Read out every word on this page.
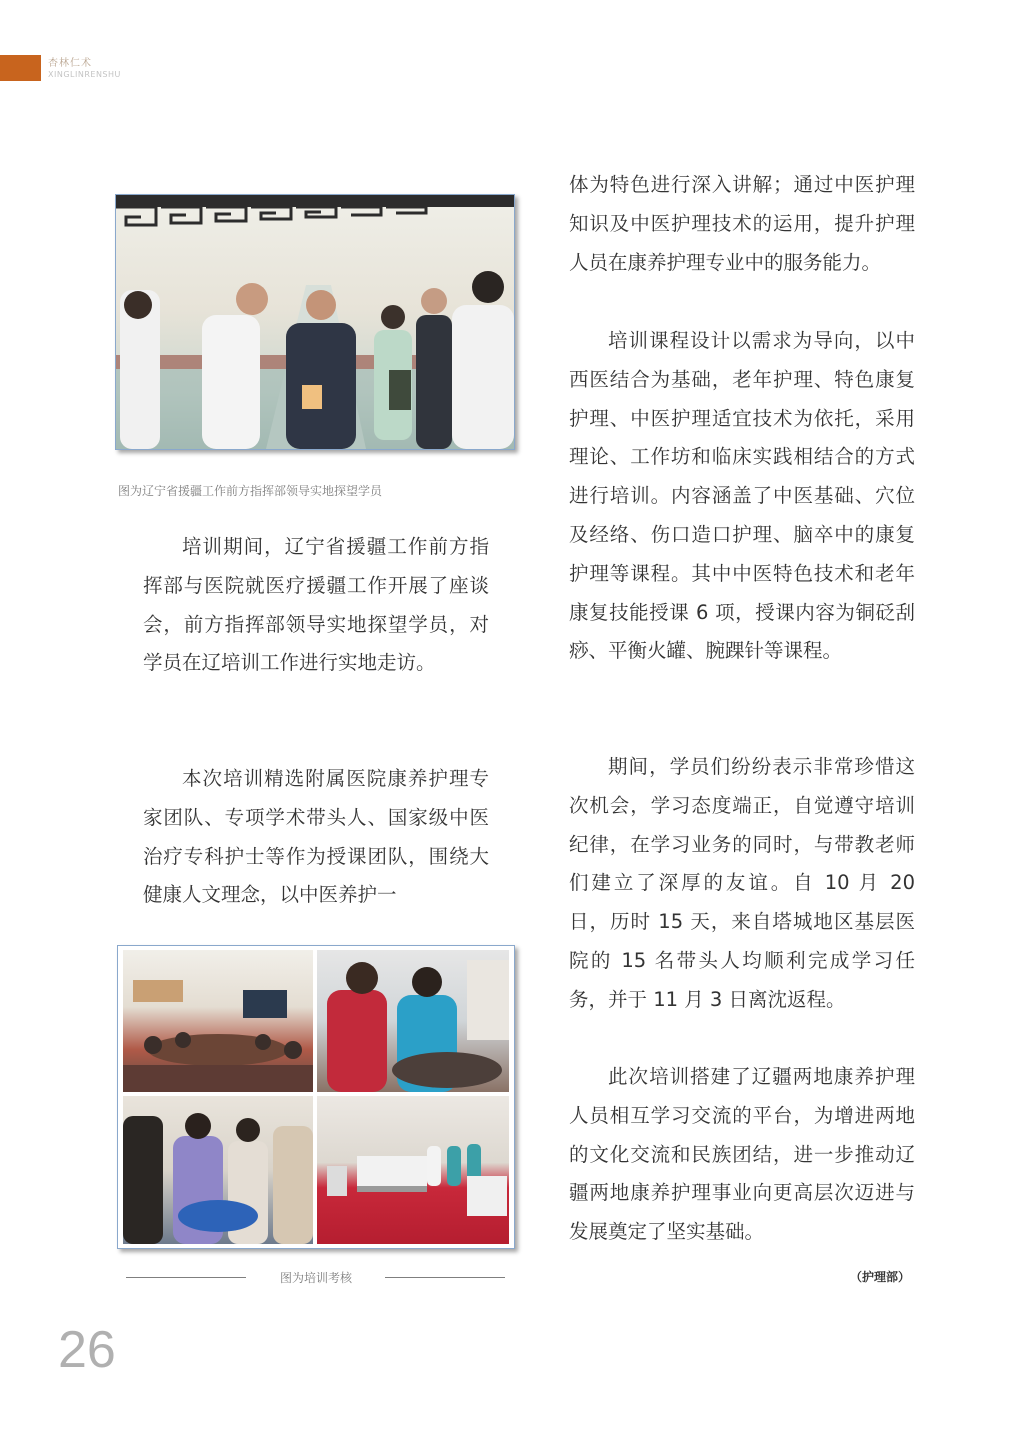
杏林仁术
XINGLINRENSHU
图为辽宁省援疆工作前方指挥部领导实地探望学员

培训期间，辽宁省援疆工作前方指挥部与医院就医疗援疆工作开展了座谈会，前方指挥部领导实地探望学员，对学员在辽培训工作进行实地走访。

本次培训精选附属医院康养护理专家团队、专项学术带头人、国家级中医治疗专科护士等作为授课团队，围绕大健康人文理念，以中医养护一

图为培训考核

体为特色进行深入讲解；通过中医护理知识及中医护理技术的运用，提升护理人员在康养护理专业中的服务能力。

培训课程设计以需求为导向，以中西医结合为基础，老年护理、特色康复护理、中医护理适宜技术为依托，采用理论、工作坊和临床实践相结合的方式进行培训。内容涵盖了中医基础、穴位及经络、伤口造口护理、脑卒中的康复护理等课程。其中中医特色技术和老年康复技能授课 6 项，授课内容为铜砭刮痧、平衡火罐、腕踝针等课程。

期间，学员们纷纷表示非常珍惜这次机会，学习态度端正，自觉遵守培训纪律，在学习业务的同时，与带教老师们建立了深厚的友谊。自 10 月 20 日，历时 15 天，来自塔城地区基层医院的 15 名带头人均顺利完成学习任务，并于 11 月 3 日离沈返程。

此次培训搭建了辽疆两地康养护理人员相互学习交流的平台，为增进两地的文化交流和民族团结，进一步推动辽疆两地康养护理事业向更高层次迈进与发展奠定了坚实基础。

（护理部）
26
